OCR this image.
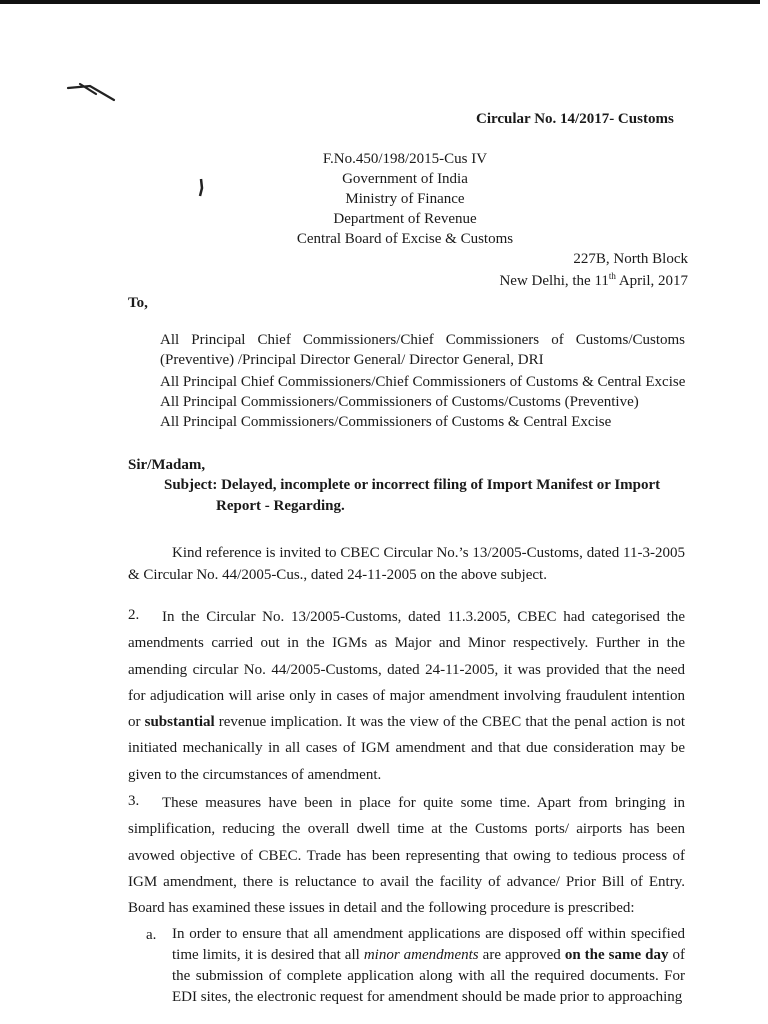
Circular No. 14/2017- Customs
F.No.450/198/2015-Cus IV
Government of India
Ministry of Finance
Department of Revenue
Central Board of Excise & Customs
227B, North Block
New Delhi, the 11th April, 2017
To,
All Principal Chief Commissioners/Chief Commissioners of Customs/Customs (Preventive) /Principal Director General/ Director General, DRI
All Principal Chief Commissioners/Chief Commissioners of Customs & Central Excise
All Principal Commissioners/Commissioners of Customs/Customs (Preventive)
All Principal Commissioners/Commissioners of Customs & Central Excise
Sir/Madam,
Subject: Delayed, incomplete or incorrect filing of Import Manifest or Import
Report - Regarding.
Kind reference is invited to CBEC Circular No.’s 13/2005-Customs, dated 11-3-2005 & Circular No. 44/2005-Cus., dated 24-11-2005 on the above subject.
2.	In the Circular No. 13/2005-Customs, dated 11.3.2005, CBEC had categorised the amendments carried out in the IGMs as Major and Minor respectively. Further in the amending circular No. 44/2005-Customs, dated 24-11-2005, it was provided that the need for adjudication will arise only in cases of major amendment involving fraudulent intention or substantial revenue implication. It was the view of the CBEC that the penal action is not initiated mechanically in all cases of IGM amendment and that due consideration may be given to the circumstances of amendment.
3.	These measures have been in place for quite some time. Apart from bringing in simplification, reducing the overall dwell time at the Customs ports/ airports has been avowed objective of CBEC. Trade has been representing that owing to tedious process of IGM amendment, there is reluctance to avail the facility of advance/ Prior Bill of Entry. Board has examined these issues in detail and the following procedure is prescribed:
a. In order to ensure that all amendment applications are disposed off within specified time limits, it is desired that all minor amendments are approved on the same day of the submission of complete application along with all the required documents. For EDI sites, the electronic request for amendment should be made prior to approaching
